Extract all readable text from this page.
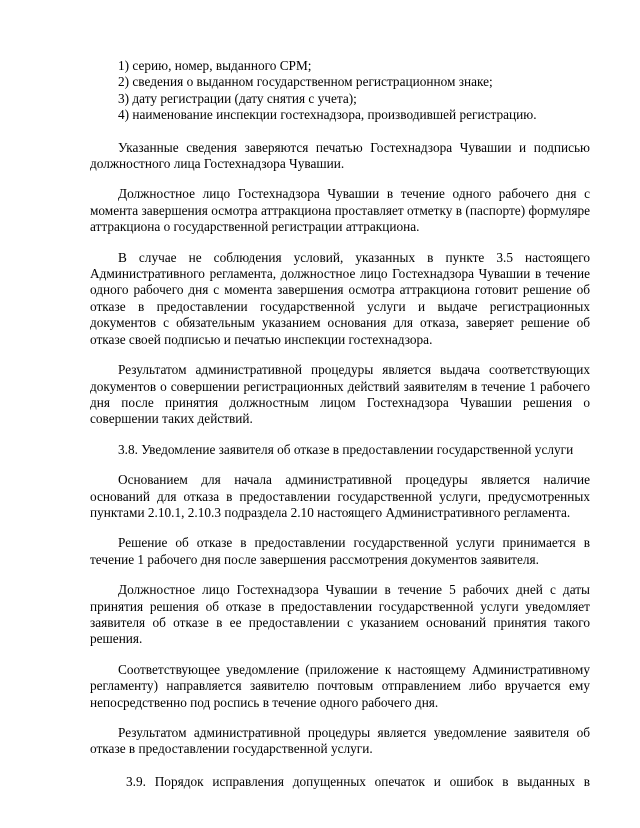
1) серию, номер, выданного СРМ;

2) сведения о выданном государственном регистрационном знаке;

3) дату регистрации (дату снятия с учета);

4) наименование инспекции гостехнадзора, производившей регистрацию.

Указанные сведения заверяются печатью Гостехнадзора Чувашии и подписью должностного лица Гостехнадзора Чувашии.

Должностное лицо Гостехнадзора Чувашии в течение одного рабочего дня с момента завершения осмотра аттракциона проставляет отметку в (паспорте) формуляре аттракциона о государственной регистрации аттракциона.

В случае не соблюдения условий, указанных в пункте 3.5 настоящего Административного регламента, должностное лицо Гостехнадзора Чувашии в течение одного рабочего дня с момента завершения осмотра аттракциона готовит решение об отказе в предоставлении государственной услуги и выдаче регистрационных документов с обязательным указанием основания для отказа, заверяет решение об отказе своей подписью и печатью инспекции гостехнадзора.

Результатом административной процедуры является выдача соответствующих документов о совершении регистрационных действий заявителям в течение 1 рабочего дня после принятия должностным лицом Гостехнадзора Чувашии решения о совершении таких действий.

3.8. Уведомление заявителя об отказе в предоставлении государственной услуги

Основанием для начала административной процедуры является наличие оснований для отказа в предоставлении государственной услуги, предусмотренных пунктами 2.10.1, 2.10.3 подраздела 2.10 настоящего Административного регламента.

Решение об отказе в предоставлении государственной услуги принимается в течение 1 рабочего дня после завершения рассмотрения документов заявителя.

Должностное лицо Гостехнадзора Чувашии в течение 5 рабочих дней с даты принятия решения об отказе в предоставлении государственной услуги уведомляет заявителя об отказе в ее предоставлении с указанием оснований принятия такого решения.

Соответствующее уведомление (приложение к настоящему Административному регламенту) направляется заявителю почтовым отправлением либо вручается ему непосредственно под роспись в течение одного рабочего дня.

Результатом административной процедуры является уведомление заявителя об отказе в предоставлении государственной услуги.

3.9. Порядок исправления допущенных опечаток и ошибок в выданных в
